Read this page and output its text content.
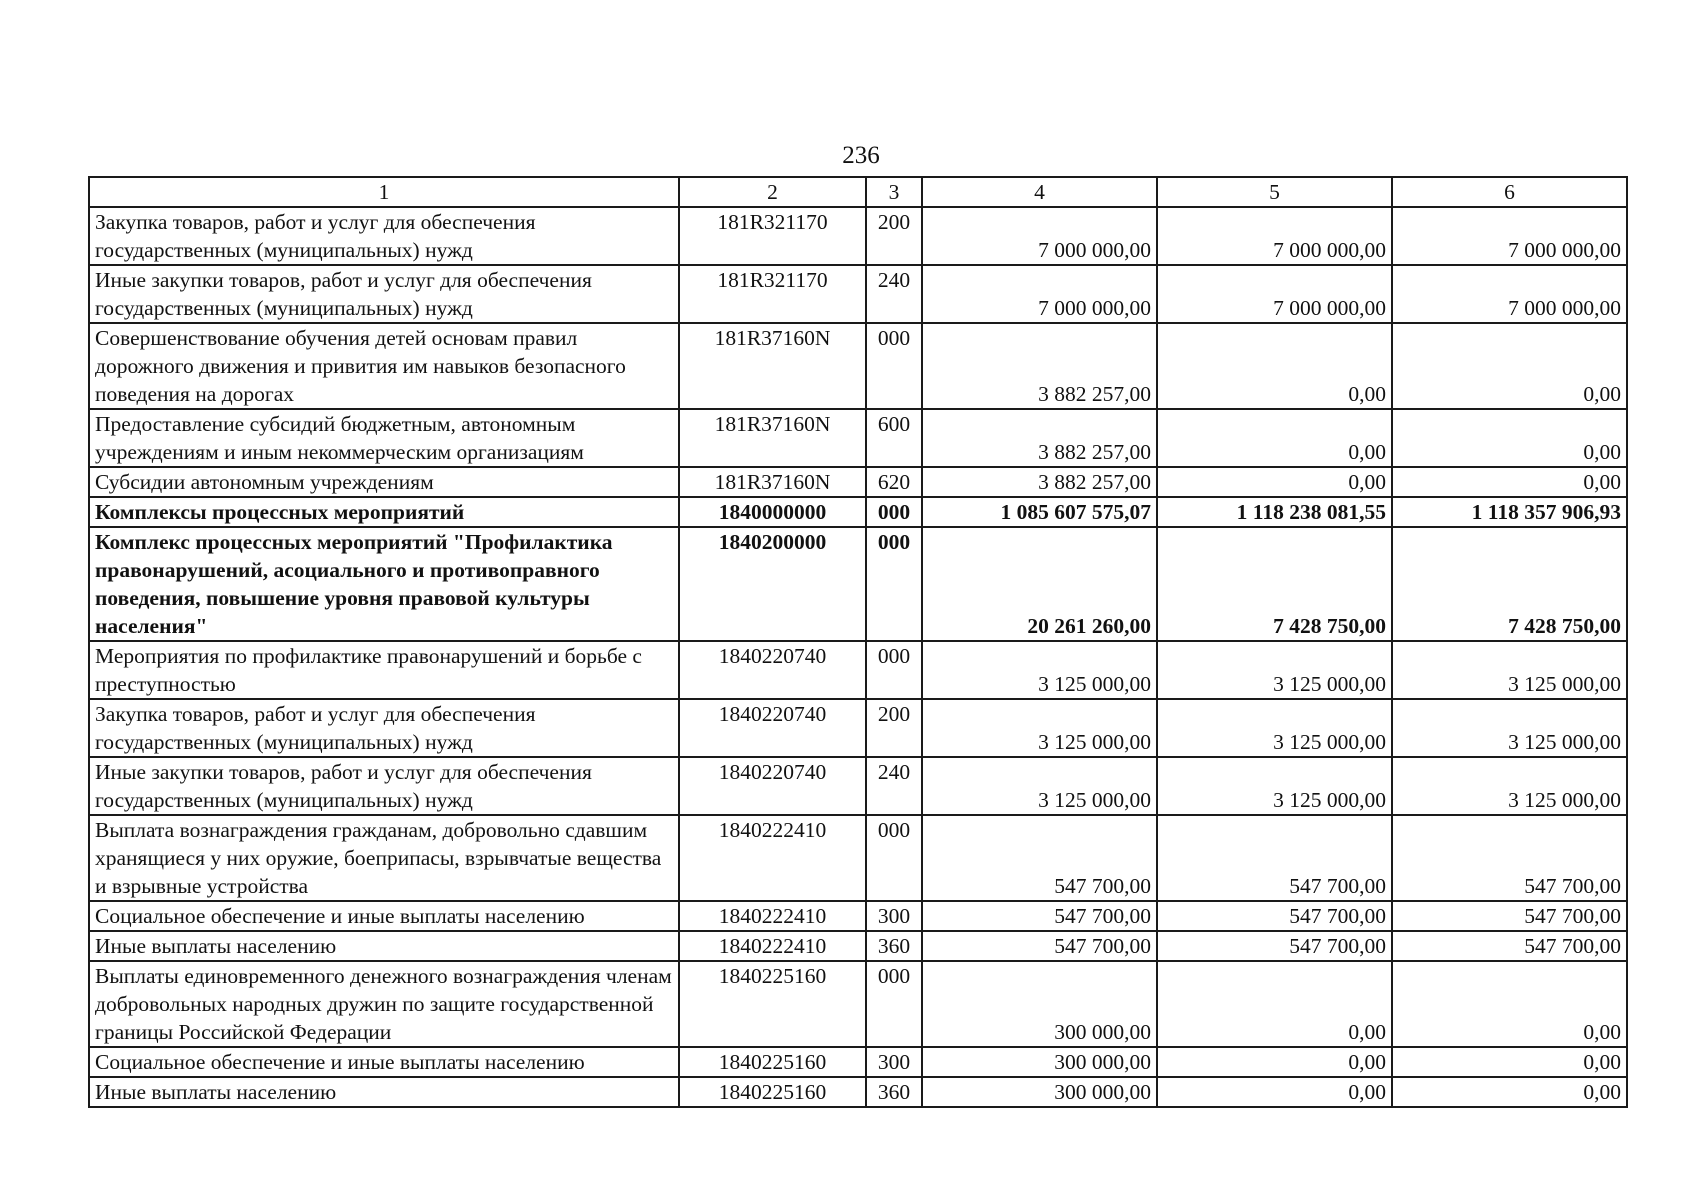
236
1	2	3	4	5	6
Закупка товаров, работ и услуг для обеспечения государственных (муниципальных) нужд	181R321170	200	7 000 000,00	7 000 000,00	7 000 000,00
Иные закупки товаров, работ и услуг для обеспечения государственных (муниципальных) нужд	181R321170	240	7 000 000,00	7 000 000,00	7 000 000,00
Совершенствование обучения детей основам правил дорожного движения и привития им навыков безопасного поведения на дорогах	181R37160N	000	3 882 257,00	0,00	0,00
Предоставление субсидий бюджетным, автономным учреждениям и иным некоммерческим организациям	181R37160N	600	3 882 257,00	0,00	0,00
Субсидии автономным учреждениям	181R37160N	620	3 882 257,00	0,00	0,00
Комплексы процессных мероприятий	1840000000	000	1 085 607 575,07	1 118 238 081,55	1 118 357 906,93
Комплекс процессных мероприятий "Профилактика правонарушений, асоциального и противоправного поведения, повышение уровня правовой культуры населения"	1840200000	000	20 261 260,00	7 428 750,00	7 428 750,00
Мероприятия по профилактике правонарушений и борьбе с преступностью	1840220740	000	3 125 000,00	3 125 000,00	3 125 000,00
Закупка товаров, работ и услуг для обеспечения государственных (муниципальных) нужд	1840220740	200	3 125 000,00	3 125 000,00	3 125 000,00
Иные закупки товаров, работ и услуг для обеспечения государственных (муниципальных) нужд	1840220740	240	3 125 000,00	3 125 000,00	3 125 000,00
Выплата вознаграждения гражданам, добровольно сдавшим хранящиеся у них оружие, боеприпасы, взрывчатые вещества и взрывные устройства	1840222410	000	547 700,00	547 700,00	547 700,00
Социальное обеспечение и иные выплаты населению	1840222410	300	547 700,00	547 700,00	547 700,00
Иные выплаты населению	1840222410	360	547 700,00	547 700,00	547 700,00
Выплаты единовременного денежного вознаграждения членам добровольных народных дружин по защите государственной границы Российской Федерации	1840225160	000	300 000,00	0,00	0,00
Социальное обеспечение и иные выплаты населению	1840225160	300	300 000,00	0,00	0,00
Иные выплаты населению	1840225160	360	300 000,00	0,00	0,00
